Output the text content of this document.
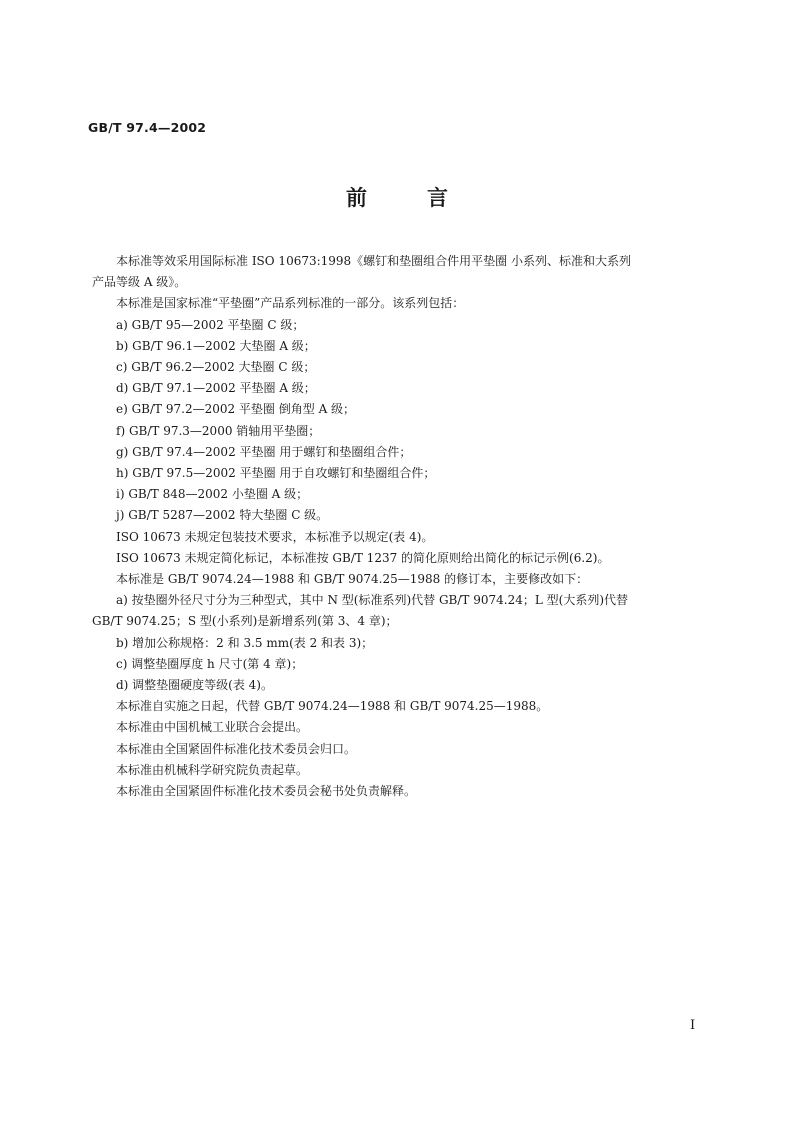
GB/T 97.4—2002
前	言

本标准等效采用国际标准 ISO 10673:1998《螺钉和垫圈组合件用平垫圈 小系列、标准和大系列

产品等级 A 级》。

本标准是国家标准“平垫圈”产品系列标准的一部分。该系列包括：

a) GB/T 95—2002 平垫圈 C 级；

b) GB/T 96.1—2002 大垫圈 A 级；

c) GB/T 96.2—2002 大垫圈 C 级；

d) GB/T 97.1—2002 平垫圈 A 级；

e) GB/T 97.2—2002 平垫圈 倒角型 A 级；

f) GB/T 97.3—2000 销轴用平垫圈；

g) GB/T 97.4—2002 平垫圈 用于螺钉和垫圈组合件；

h) GB/T 97.5—2002 平垫圈 用于自攻螺钉和垫圈组合件；

i) GB/T 848—2002 小垫圈 A 级；

j) GB/T 5287—2002 特大垫圈 C 级。

ISO 10673 未规定包装技术要求，本标准予以规定(表 4)。

ISO 10673 未规定简化标记，本标准按 GB/T 1237 的简化原则给出简化的标记示例(6.2)。

本标准是 GB/T 9074.24—1988 和 GB/T 9074.25—1988 的修订本，主要修改如下：

a) 按垫圈外径尺寸分为三种型式，其中 N 型(标准系列)代替 GB/T 9074.24；L 型(大系列)代替

GB/T 9074.25；S 型(小系列)是新增系列(第 3、4 章)；

b) 增加公称规格：2 和 3.5 mm(表 2 和表 3)；

c) 调整垫圈厚度 h 尺寸(第 4 章)；

d) 调整垫圈硬度等级(表 4)。

本标准自实施之日起，代替 GB/T 9074.24—1988 和 GB/T 9074.25—1988。

本标准由中国机械工业联合会提出。

本标准由全国紧固件标准化技术委员会归口。

本标准由机械科学研究院负责起草。

本标准由全国紧固件标准化技术委员会秘书处负责解释。

I
